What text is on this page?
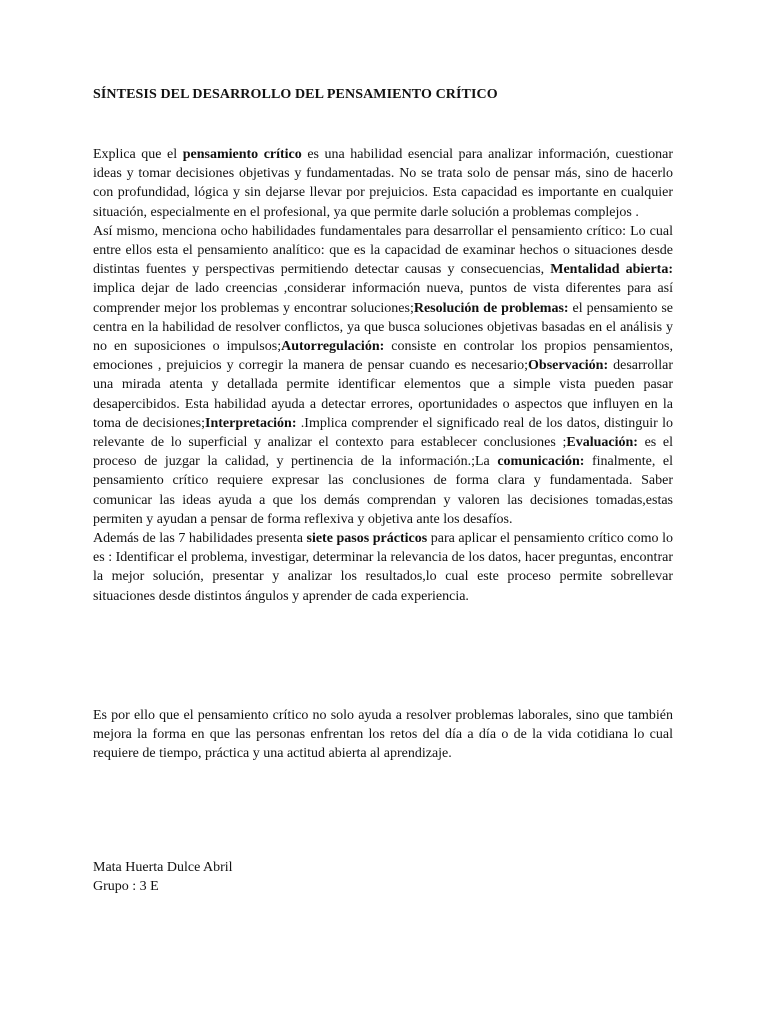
SÍNTESIS DEL DESARROLLO DEL PENSAMIENTO CRÍTICO
Explica que el pensamiento crítico es una habilidad esencial para analizar información, cuestionar ideas y tomar decisiones objetivas y fundamentadas. No se trata solo de pensar más, sino de hacerlo con profundidad, lógica y sin dejarse llevar por prejuicios. Esta capacidad es importante en cualquier situación, especialmente en el profesional, ya que permite darle solución a problemas complejos .
Así mismo, menciona ocho habilidades fundamentales para desarrollar el pensamiento crítico: Lo cual entre ellos esta el pensamiento analítico: que es la capacidad de examinar hechos o situaciones desde distintas fuentes y perspectivas permitiendo detectar causas y consecuencias, Mentalidad abierta: implica dejar de lado creencias ,considerar información nueva, puntos de vista diferentes para así comprender mejor los problemas y encontrar soluciones;Resolución de problemas: el pensamiento se centra en la habilidad de resolver conflictos, ya que busca soluciones objetivas basadas en el análisis y no en suposiciones o impulsos;Autorregulación: consiste en controlar los propios pensamientos, emociones , prejuicios y corregir la manera de pensar cuando es necesario;Observación: desarrollar una mirada atenta y detallada permite identificar elementos que a simple vista pueden pasar desapercibidos. Esta habilidad ayuda a detectar errores, oportunidades o aspectos que influyen en la toma de decisiones;Interpretación: .Implica comprender el significado real de los datos, distinguir lo relevante de lo superficial y analizar el contexto para establecer conclusiones ;Evaluación: es el proceso de juzgar la calidad, y pertinencia de la información.;La comunicación: finalmente, el pensamiento crítico requiere expresar las conclusiones de forma clara y fundamentada. Saber comunicar las ideas ayuda a que los demás comprendan y valoren las decisiones tomadas,estas permiten y ayudan a pensar de forma reflexiva y objetiva ante los desafíos.
Además de las 7 habilidades presenta siete pasos prácticos para aplicar el pensamiento crítico como lo es : Identificar el problema, investigar, determinar la relevancia de los datos, hacer preguntas, encontrar la mejor solución, presentar y analizar los resultados,lo cual este proceso permite sobrellevar situaciones desde distintos ángulos y aprender de cada experiencia.
Es por ello que el pensamiento crítico no solo ayuda a resolver problemas laborales, sino que también mejora la forma en que las personas enfrentan los retos del día a día o de la vida cotidiana lo cual requiere de tiempo, práctica y una actitud abierta al aprendizaje.
Mata Huerta Dulce Abril
Grupo : 3 E
